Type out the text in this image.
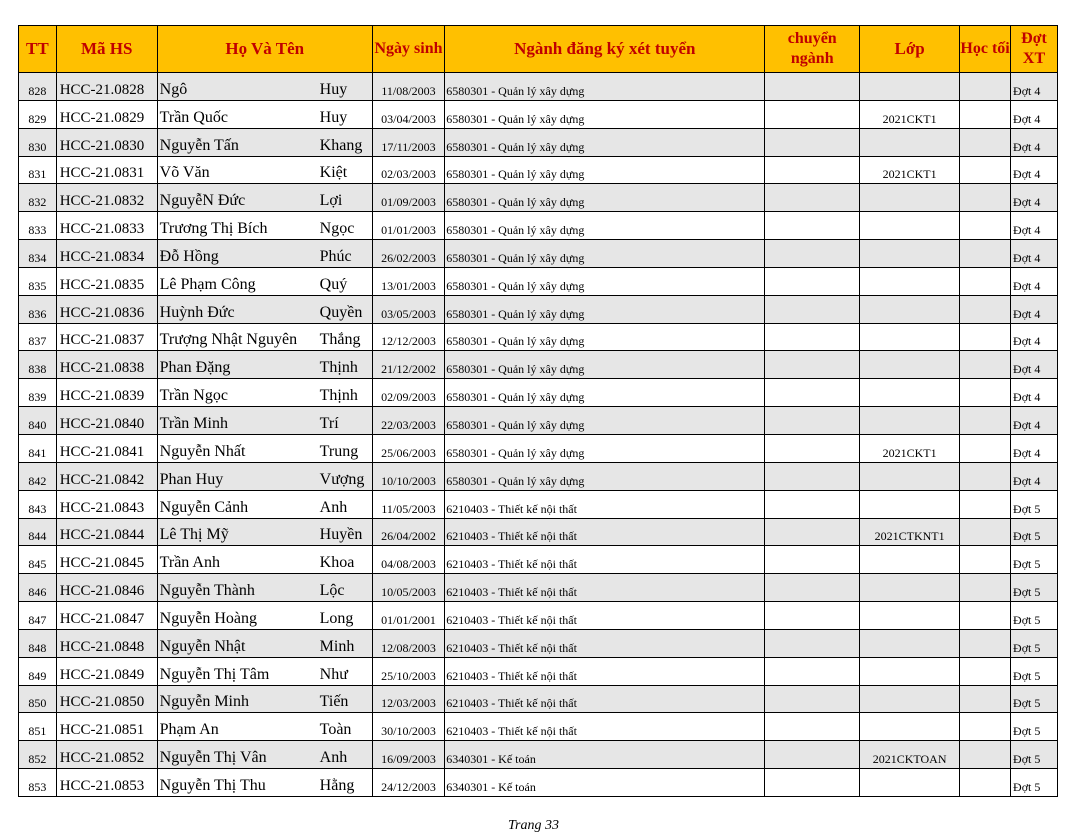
TT	Mã HS	Họ Và Tên	Ngày sinh	Ngành đăng ký xét tuyển	chuyển ngành	Lớp	Học tối	Đợt XT
828	HCC-21.0828	Ngô Huy	11/08/2003	6580301 - Quản lý xây dựng				Đợt 4
829	HCC-21.0829	Trần Quốc Huy	03/04/2003	6580301 - Quản lý xây dựng		2021CKT1		Đợt 4
830	HCC-21.0830	Nguyễn Tấn Khang	17/11/2003	6580301 - Quản lý xây dựng				Đợt 4
831	HCC-21.0831	Võ Văn Kiệt	02/03/2003	6580301 - Quản lý xây dựng		2021CKT1		Đợt 4
832	HCC-21.0832	NguyễN Đức Lợi	01/09/2003	6580301 - Quản lý xây dựng				Đợt 4
833	HCC-21.0833	Trương Thị Bích Ngọc	01/01/2003	6580301 - Quản lý xây dựng				Đợt 4
834	HCC-21.0834	Đỗ Hồng Phúc	26/02/2003	6580301 - Quản lý xây dựng				Đợt 4
835	HCC-21.0835	Lê Phạm Công Quý	13/01/2003	6580301 - Quản lý xây dựng				Đợt 4
836	HCC-21.0836	Huỳnh Đức Quyền	03/05/2003	6580301 - Quản lý xây dựng				Đợt 4
837	HCC-21.0837	Trượng Nhật Nguyên Thắng	12/12/2003	6580301 - Quản lý xây dựng				Đợt 4
838	HCC-21.0838	Phan Đặng Thịnh	21/12/2002	6580301 - Quản lý xây dựng				Đợt 4
839	HCC-21.0839	Trần Ngọc Thịnh	02/09/2003	6580301 - Quản lý xây dựng				Đợt 4
840	HCC-21.0840	Trần Minh Trí	22/03/2003	6580301 - Quản lý xây dựng				Đợt 4
841	HCC-21.0841	Nguyễn Nhất Trung	25/06/2003	6580301 - Quản lý xây dựng		2021CKT1		Đợt 4
842	HCC-21.0842	Phan Huy Vượng	10/10/2003	6580301 - Quản lý xây dựng				Đợt 4
843	HCC-21.0843	Nguyễn Cảnh Anh	11/05/2003	6210403 - Thiết kế nội thất				Đợt 5
844	HCC-21.0844	Lê Thị Mỹ Huyền	26/04/2002	6210403 - Thiết kế nội thất		2021CTKNT1		Đợt 5
845	HCC-21.0845	Trần Anh Khoa	04/08/2003	6210403 - Thiết kế nội thất				Đợt 5
846	HCC-21.0846	Nguyễn Thành Lộc	10/05/2003	6210403 - Thiết kế nội thất				Đợt 5
847	HCC-21.0847	Nguyễn Hoàng Long	01/01/2001	6210403 - Thiết kế nội thất				Đợt 5
848	HCC-21.0848	Nguyễn Nhật Minh	12/08/2003	6210403 - Thiết kế nội thất				Đợt 5
849	HCC-21.0849	Nguyễn Thị Tâm Như	25/10/2003	6210403 - Thiết kế nội thất				Đợt 5
850	HCC-21.0850	Nguyễn Minh Tiến	12/03/2003	6210403 - Thiết kế nội thất				Đợt 5
851	HCC-21.0851	Phạm An Toàn	30/10/2003	6210403 - Thiết kế nội thất				Đợt 5
852	HCC-21.0852	Nguyễn Thị Vân Anh	16/09/2003	6340301 - Kế toán		2021CKTOAN		Đợt 5
853	HCC-21.0853	Nguyễn Thị Thu Hằng	24/12/2003	6340301 - Kế toán				Đợt 5
Trang 33
